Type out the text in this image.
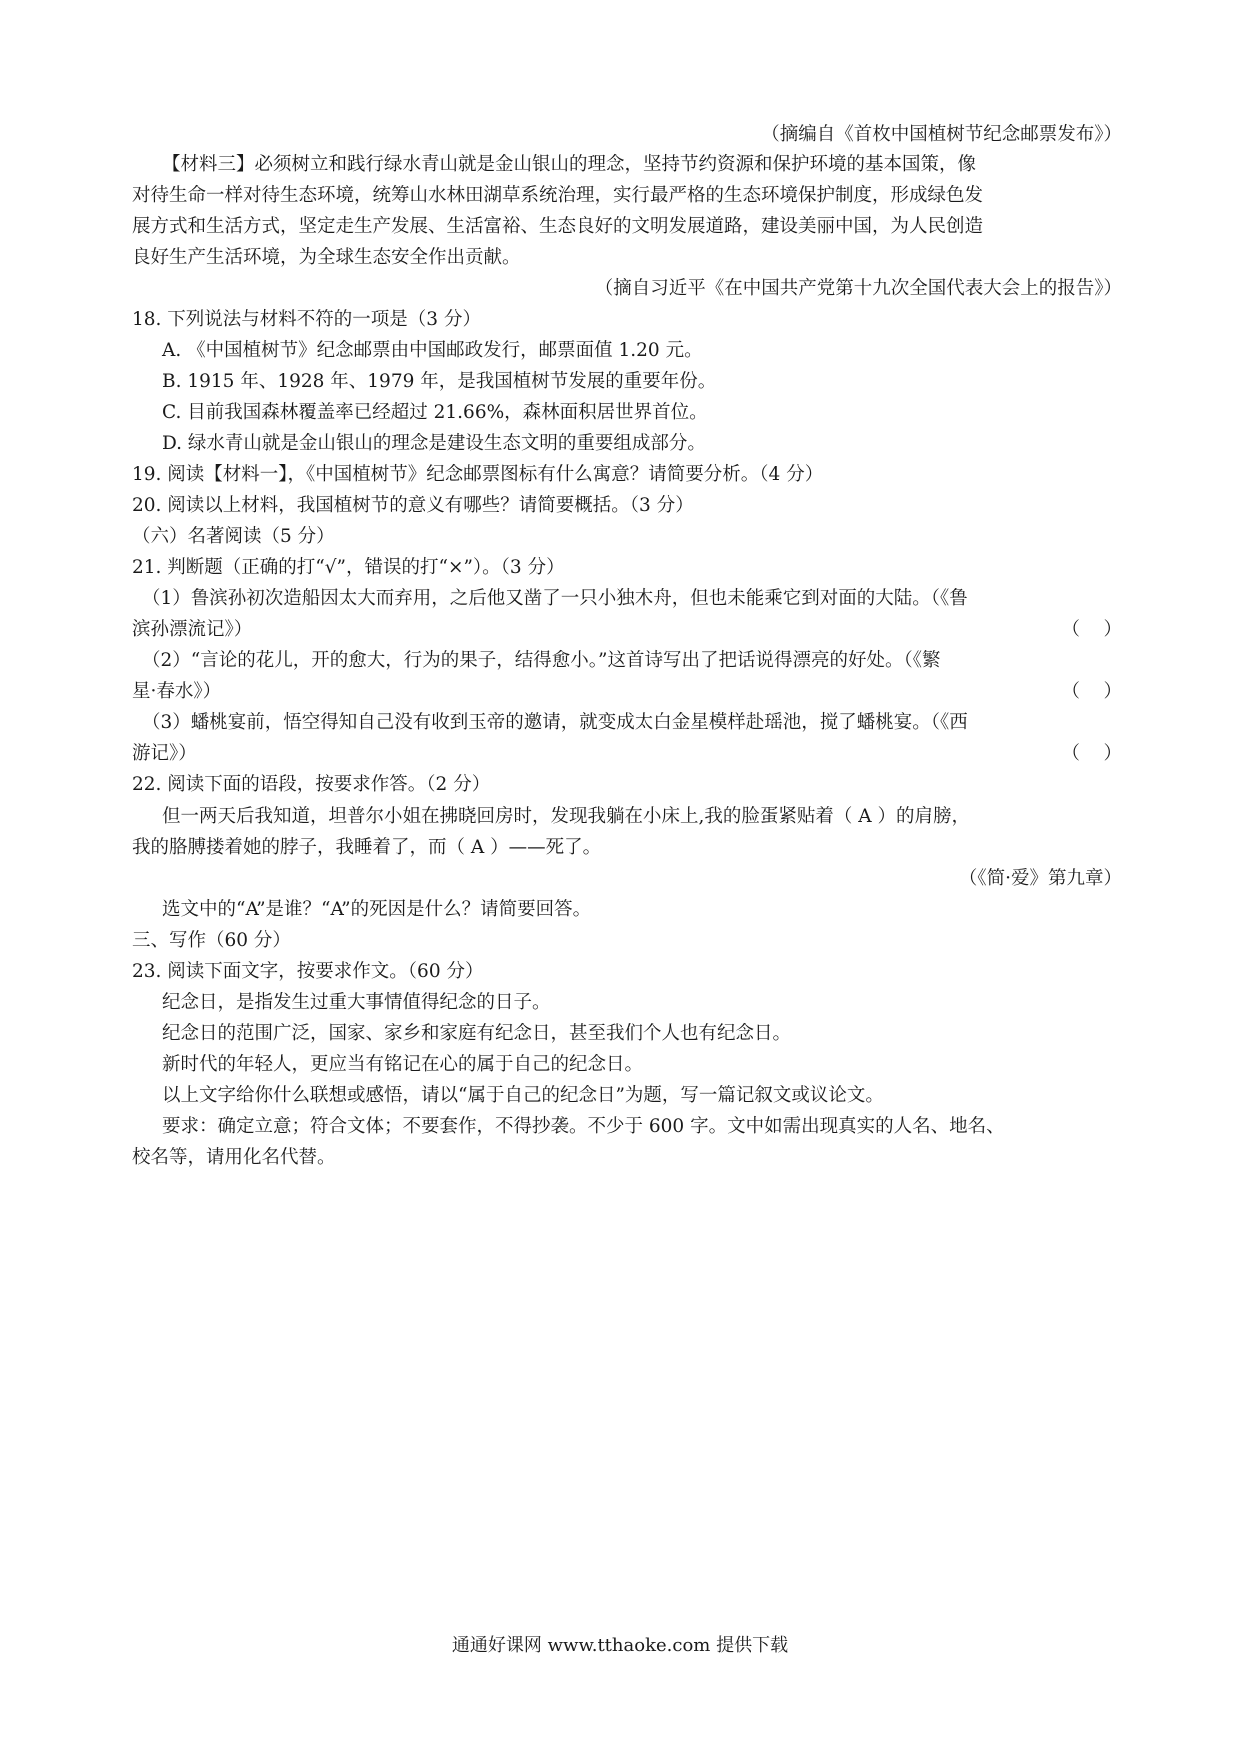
（摘编自《首枚中国植树节纪念邮票发布》）
【材料三】必须树立和践行绿水青山就是金山银山的理念，坚持节约资源和保护环境的基本国策，像
对待生命一样对待生态环境，统筹山水林田湖草系统治理，实行最严格的生态环境保护制度，形成绿色发
展方式和生活方式，坚定走生产发展、生活富裕、生态良好的文明发展道路，建设美丽中国，为人民创造
良好生产生活环境，为全球生态安全作出贡献。
（摘自习近平《在中国共产党第十九次全国代表大会上的报告》）
18. 下列说法与材料不符的一项是（3 分）
A. 《中国植树节》纪念邮票由中国邮政发行，邮票面值 1.20 元。
B. 1915 年、1928 年、1979 年，是我国植树节发展的重要年份。
C. 目前我国森林覆盖率已经超过 21.66%，森林面积居世界首位。
D. 绿水青山就是金山银山的理念是建设生态文明的重要组成部分。
19. 阅读【材料一】，《中国植树节》纪念邮票图标有什么寓意？请简要分析。（4 分）
20. 阅读以上材料，我国植树节的意义有哪些？请简要概括。（3 分）
（六）名著阅读（5 分）
21. 判断题（正确的打“√”，错误的打“×”）。（3 分）
（1）鲁滨孙初次造船因太大而弃用，之后他又凿了一只小独木舟，但也未能乘它到对面的大陆。（《鲁
滨孙漂流记》）	（    ）
（2）“言论的花儿，开的愈大，行为的果子，结得愈小。”这首诗写出了把话说得漂亮的好处。（《繁
星·春水》）	（    ）
（3）蟠桃宴前，悟空得知自己没有收到玉帝的邀请，就变成太白金星模样赴瑶池，搅了蟠桃宴。（《西
游记》）	（    ）
22. 阅读下面的语段，按要求作答。（2 分）
但一两天后我知道，坦普尔小姐在拂晓回房时，发现我躺在小床上,我的脸蛋紧贴着（ A ）的肩膀，
我的胳膊搂着她的脖子，我睡着了，而（ A ）——死了。
（《简·爱》第九章）
选文中的“A”是谁？“A”的死因是什么？请简要回答。
三、写作（60 分）
23. 阅读下面文字，按要求作文。（60 分）
纪念日，是指发生过重大事情值得纪念的日子。
纪念日的范围广泛，国家、家乡和家庭有纪念日，甚至我们个人也有纪念日。
新时代的年轻人，更应当有铭记在心的属于自己的纪念日。
以上文字给你什么联想或感悟，请以“属于自己的纪念日”为题，写一篇记叙文或议论文。
要求：确定立意；符合文体；不要套作，不得抄袭。不少于 600 字。文中如需出现真实的人名、地名、
校名等，请用化名代替。
通通好课网 www.tthaoke.com 提供下载
